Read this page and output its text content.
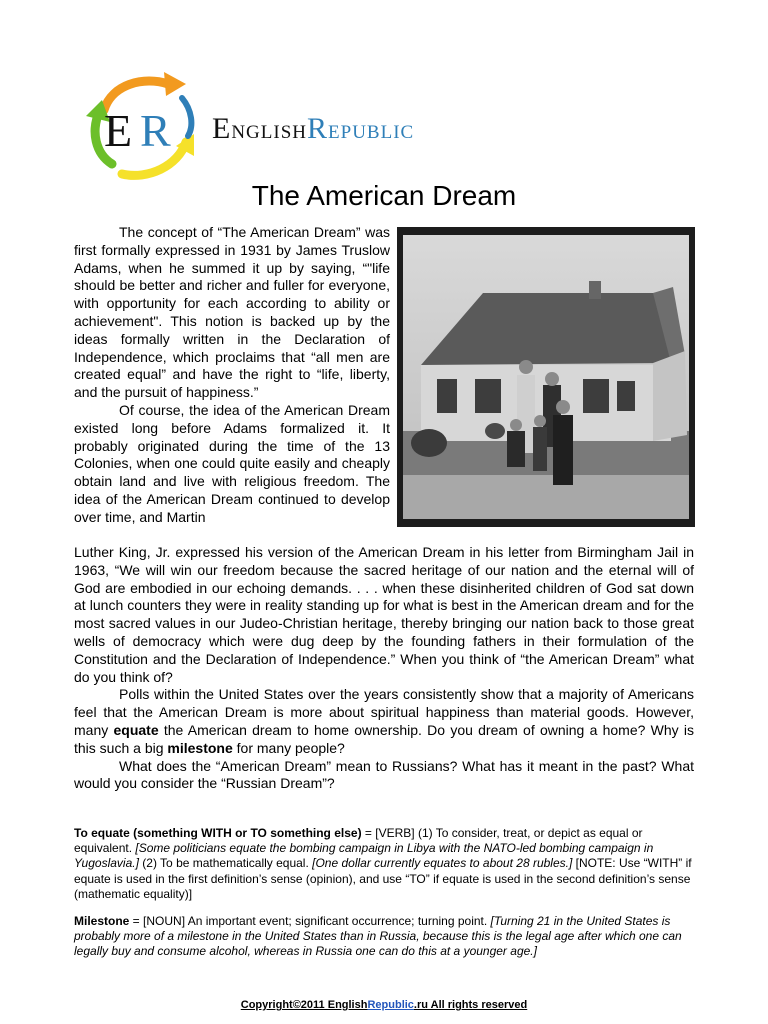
E R ENGLISHREPUBLIC
The American Dream

The concept of “The American Dream” was first formally expressed in 1931 by James Truslow Adams, when he summed it up by saying, “"life should be better and richer and fuller for everyone, with opportunity for each according to ability or achievement". This notion is backed up by the ideas formally written in the Declaration of Independence, which proclaims that “all men are created equal” and have the right to “life, liberty, and the pursuit of happiness.”

Of course, the idea of the American Dream existed long before Adams formalized it. It probably originated during the time of the 13 Colonies, when one could quite easily and cheaply obtain land and live with religious freedom. The idea of the American Dream continued to develop over time, and Martin

Luther King, Jr. expressed his version of the American Dream in his letter from Birmingham Jail in 1963, “We will win our freedom because the sacred heritage of our nation and the eternal will of God are embodied in our echoing demands. . . . when these disinherited children of God sat down at lunch counters they were in reality standing up for what is best in the American dream and for the most sacred values in our Judeo-Christian heritage, thereby bringing our nation back to those great wells of democracy which were dug deep by the founding fathers in their formulation of the Constitution and the Declaration of Independence.” When you think of “the American Dream” what do you think of?

Polls within the United States over the years consistently show that a majority of Americans feel that the American Dream is more about spiritual happiness than material goods. However, many equate the American dream to home ownership. Do you dream of owning a home? Why is this such a big milestone for many people?

What does the “American Dream” mean to Russians? What has it meant in the past? What would you consider the “Russian Dream”?

To equate (something WITH or TO something else) = [VERB] (1) To consider, treat, or depict as equal or equivalent. [Some politicians equate the bombing campaign in Libya with the NATO-led bombing campaign in Yugoslavia.] (2) To be mathematically equal. [One dollar currently equates to about 28 rubles.] [NOTE: Use “WITH” if equate is used in the first definition’s sense (opinion), and use “TO” if equate is used in the second definition’s sense (mathematic equality)]
Milestone = [NOUN] An important event; significant occurrence; turning point. [Turning 21 in the United States is probably more of a milestone in the United States than in Russia, because this is the legal age after which one can legally buy and consume alcohol, whereas in Russia one can do this at a younger age.]
Copyright©2011 EnglishRepublic.ru All rights reserved
